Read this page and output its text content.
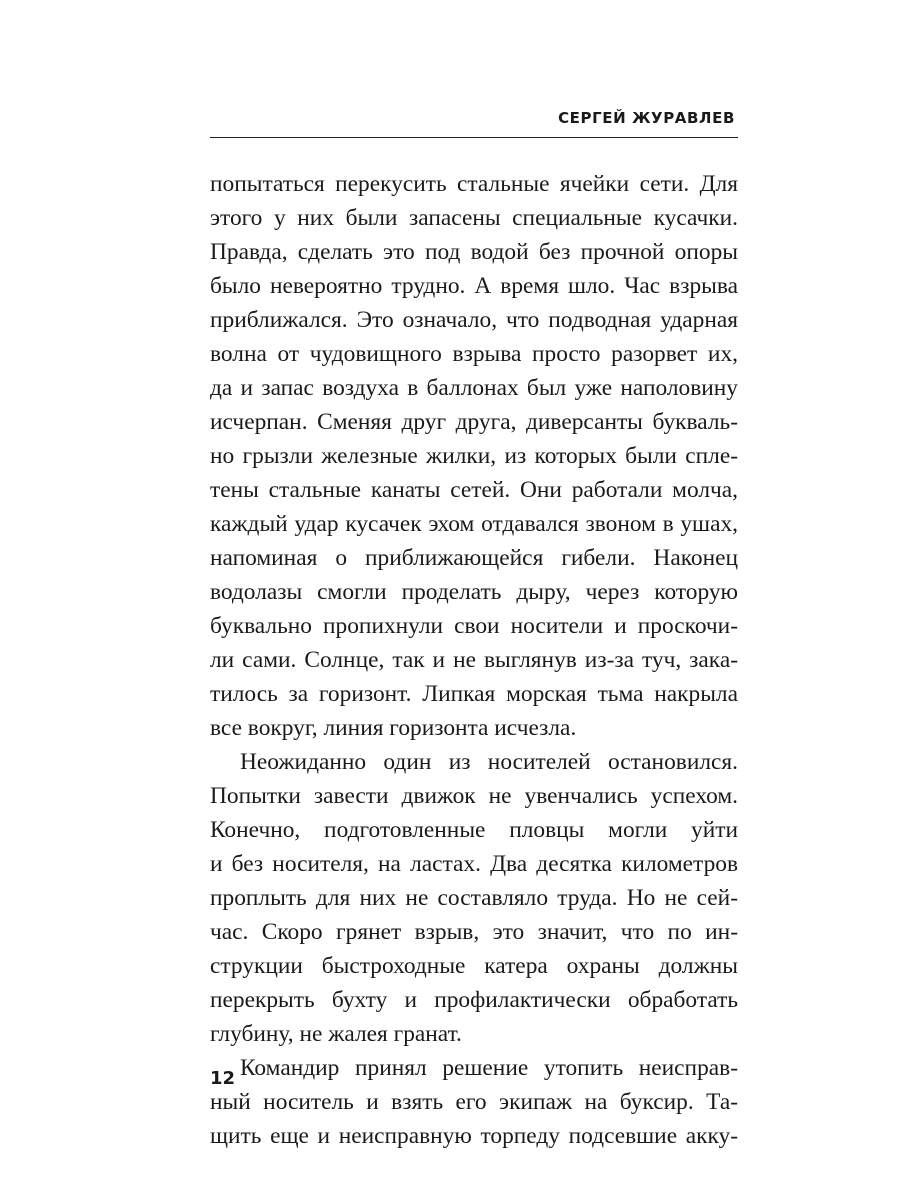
СЕРГЕЙ ЖУРАВЛЕВ
попытаться перекусить стальные ячейки сети. Для
этого у них были запасены специальные кусачки.
Правда, сделать это под водой без прочной опоры
было невероятно трудно. А время шло. Час взрыва
приближался. Это означало, что подводная ударная
волна от чудовищного взрыва просто разорвет их,
да и запас воздуха в баллонах был уже наполовину
исчерпан. Сменяя друг друга, диверсанты букваль-
но грызли железные жилки, из которых были спле-
тены стальные канаты сетей. Они работали молча,
каждый удар кусачек эхом отдавался звоном в ушах,
напоминая о приближающейся гибели. Наконец
водолазы смогли проделать дыру, через которую
буквально пропихнули свои носители и проскочи-
ли сами. Солнце, так и не выглянув из-за туч, зака-
тилось за горизонт. Липкая морская тьма накрыла
все вокруг, линия горизонта исчезла.
Неожиданно один из носителей остановился.
Попытки завести движок не увенчались успехом.
Конечно, подготовленные пловцы могли уйти
и без носителя, на ластах. Два десятка километров
проплыть для них не составляло труда. Но не сей-
час. Скоро грянет взрыв, это значит, что по ин-
струкции быстроходные катера охраны должны
перекрыть бухту и профилактически обработать
глубину, не жалея гранат.
Командир принял решение утопить неисправ-
ный носитель и взять его экипаж на буксир. Та-
щить еще и неисправную торпеду подсевшие акку-
12
